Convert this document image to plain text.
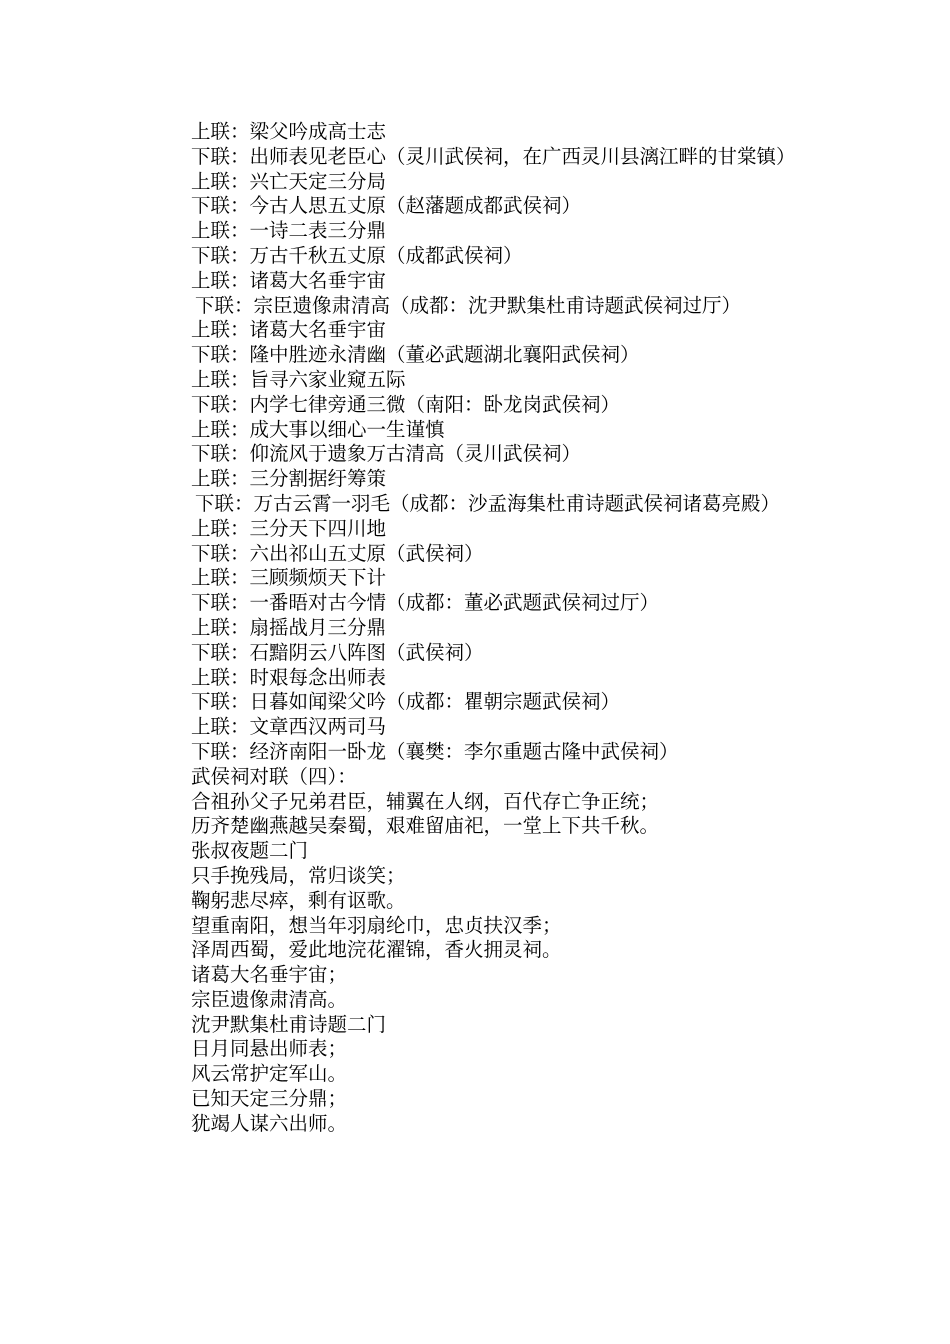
上联：梁父吟成高士志

下联：出师表见老臣心（灵川武侯祠，在广西灵川县漓江畔的甘棠镇）

上联：兴亡天定三分局

下联：今古人思五丈原（赵藩题成都武侯祠）

上联：一诗二表三分鼎

下联：万古千秋五丈原（成都武侯祠）

上联：诸葛大名垂宇宙

下联：宗臣遗像肃清高（成都：沈尹默集杜甫诗题武侯祠过厅）

上联：诸葛大名垂宇宙

下联：隆中胜迹永清幽（董必武题湖北襄阳武侯祠）

上联：旨寻六家业窥五际

下联：内学七律旁通三微（南阳：卧龙岗武侯祠）

上联：成大事以细心一生谨慎

下联：仰流风于遗象万古清高（灵川武侯祠）

上联：三分割据纡筹策

下联：万古云霄一羽毛（成都：沙孟海集杜甫诗题武侯祠诸葛亮殿）

上联：三分天下四川地

下联：六出祁山五丈原（武侯祠）

上联：三顾频烦天下计

下联：一番晤对古今情（成都：董必武题武侯祠过厅）

上联：扇摇战月三分鼎

下联：石黯阴云八阵图（武侯祠）

上联：时艰每念出师表

下联：日暮如闻梁父吟（成都：瞿朝宗题武侯祠）

上联：文章西汉两司马

下联：经济南阳一卧龙（襄樊：李尔重题古隆中武侯祠）

武侯祠对联（四）：

合祖孙父子兄弟君臣，辅翼在人纲，百代存亡争正统；

历齐楚幽燕越吴秦蜀，艰难留庙祀，一堂上下共千秋。

张叔夜题二门

只手挽残局，常归谈笑；

鞠躬悲尽瘁，剩有讴歌。

望重南阳，想当年羽扇纶巾，忠贞扶汉季；

泽周西蜀，爱此地浣花濯锦，香火拥灵祠。

诸葛大名垂宇宙；

宗臣遗像肃清高。

沈尹默集杜甫诗题二门

日月同悬出师表；

风云常护定军山。

已知天定三分鼎；

犹竭人谋六出师。
